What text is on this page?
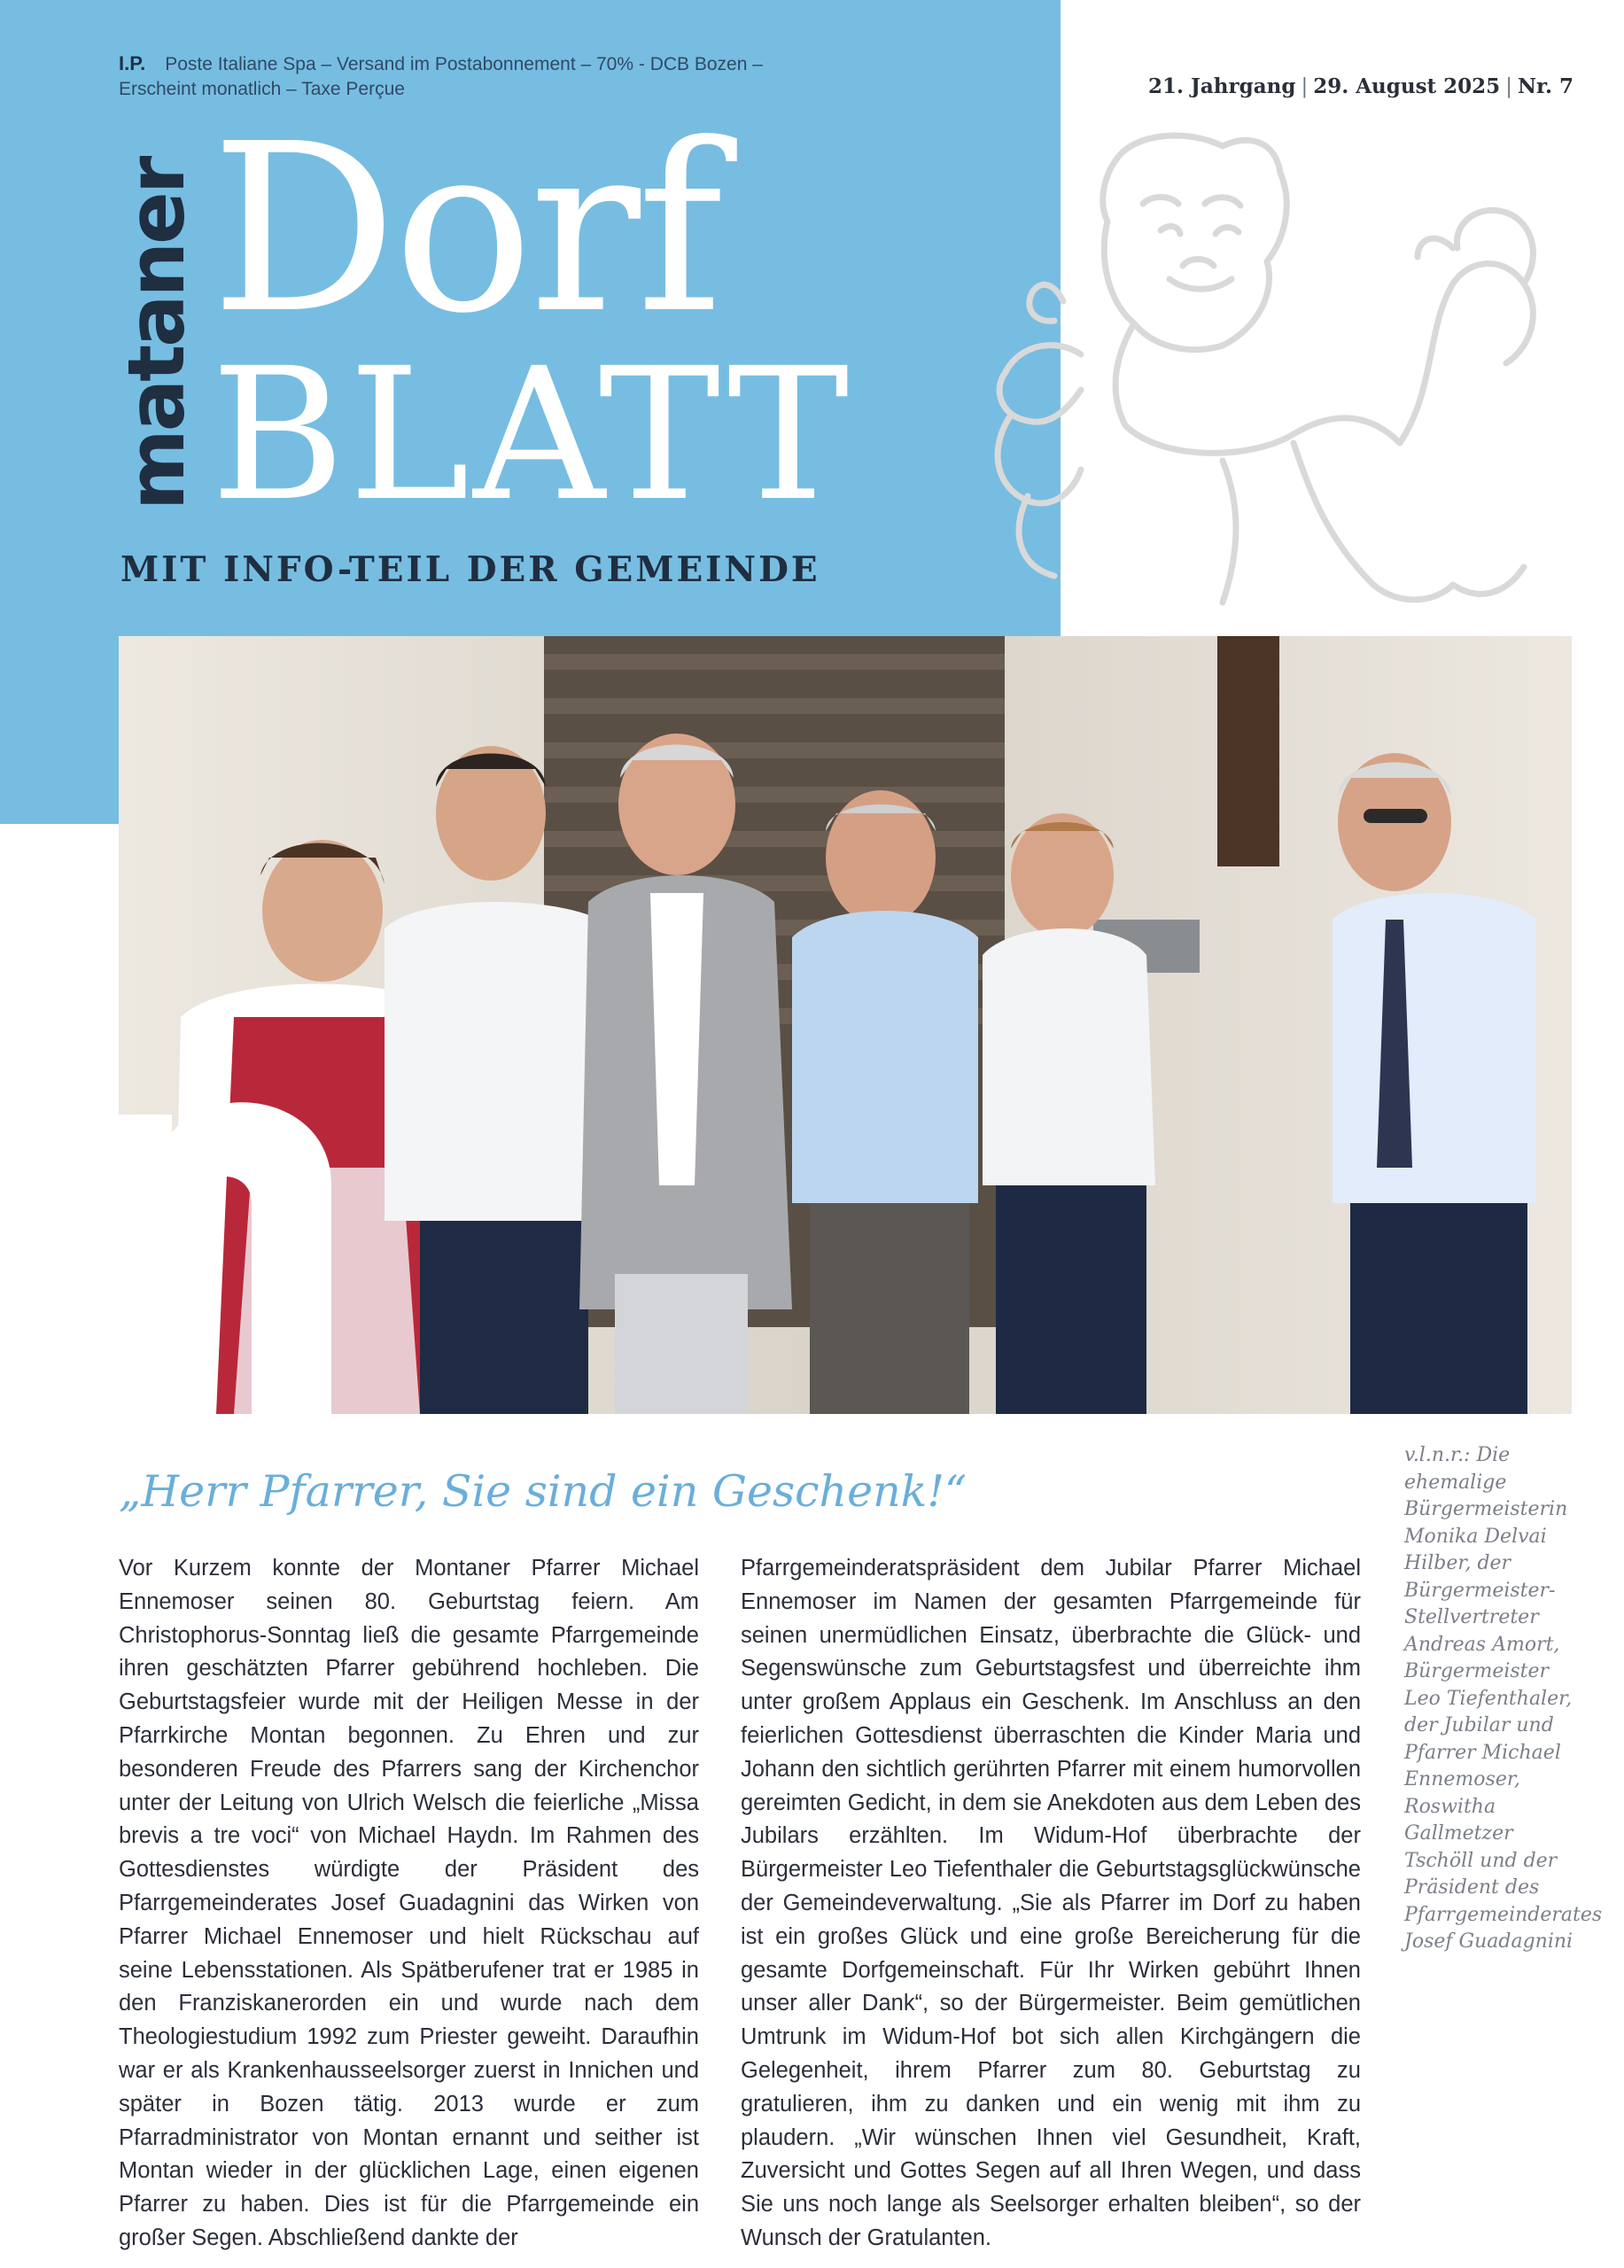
I.P. Poste Italiane Spa – Versand im Postabonnement – 70% - DCB Bozen – Erscheint monatlich – Taxe Perçue	21. Jahrgang | 29. August 2025 | Nr. 7
mataner Dorf
BLATT
MIT INFO-TEIL DER GEMEINDE
v.l.n.r.: Die ehemalige Bürgermeisterin Monika Delvai Hilber, der Bürgermeister-Stellvertreter Andreas Amort, Bürgermeister Leo Tiefenthaler, der Jubilar und Pfarrer Michael Ennemoser, Roswitha Gallmetzer Tschöll und der Präsident des Pfarrgemeinderates Josef Guadagnini
„Herr Pfarrer, Sie sind ein Geschenk!“
Vor Kurzem konnte der Montaner Pfarrer Michael Ennemoser seinen 80. Geburtstag feiern. Am Christophorus-Sonntag ließ die gesamte Pfarrgemeinde ihren geschätzten Pfarrer gebührend hochleben. Die Geburtstagsfeier wurde mit der Heiligen Messe in der Pfarrkirche Montan begonnen. Zu Ehren und zur besonderen Freude des Pfarrers sang der Kirchenchor unter der Leitung von Ulrich Welsch die feierliche „Missa brevis a tre voci“ von Michael Haydn. Im Rahmen des Gottesdienstes würdigte der Präsident des Pfarrgemeinderates Josef Guadagnini das Wirken von Pfarrer Michael Ennemoser und hielt Rückschau auf seine Lebensstationen. Als Spätberufener trat er 1985 in den Franziskanerorden ein und wurde nach dem Theologiestudium 1992 zum Priester geweiht. Daraufhin war er als Krankenhausseelsorger zuerst in Innichen und später in Bozen tätig. 2013 wurde er zum Pfarradministrator von Montan ernannt und seither ist Montan wieder in der glücklichen Lage, einen eigenen Pfarrer zu haben. Dies ist für die Pfarrgemeinde ein großer Segen. Abschließend dankte der
Pfarrgemeinderatspräsident dem Jubilar Pfarrer Michael Ennemoser im Namen der gesamten Pfarrgemeinde für seinen unermüdlichen Einsatz, überbrachte die Glück- und Segenswünsche zum Geburtstagsfest und überreichte ihm unter großem Applaus ein Geschenk. Im Anschluss an den feierlichen Gottesdienst überraschten die Kinder Maria und Johann den sichtlich gerührten Pfarrer mit einem humorvollen gereimten Gedicht, in dem sie Anekdoten aus dem Leben des Jubilars erzählten. Im Widum-Hof überbrachte der Bürgermeister Leo Tiefenthaler die Geburtstagsglückwünsche der Gemeindeverwaltung. „Sie als Pfarrer im Dorf zu haben ist ein großes Glück und eine große Bereicherung für die gesamte Dorfgemeinschaft. Für Ihr Wirken gebührt Ihnen unser aller Dank“, so der Bürgermeister. Beim gemütlichen Umtrunk im Widum-Hof bot sich allen Kirchgängern die Gelegenheit, ihrem Pfarrer zum 80. Geburtstag zu gratulieren, ihm zu danken und ein wenig mit ihm zu plaudern. „Wir wünschen Ihnen viel Gesundheit, Kraft, Zuversicht und Gottes Segen auf all Ihren Wegen, und dass Sie uns noch lange als Seelsorger erhalten bleiben“, so der Wunsch der Gratulanten.
